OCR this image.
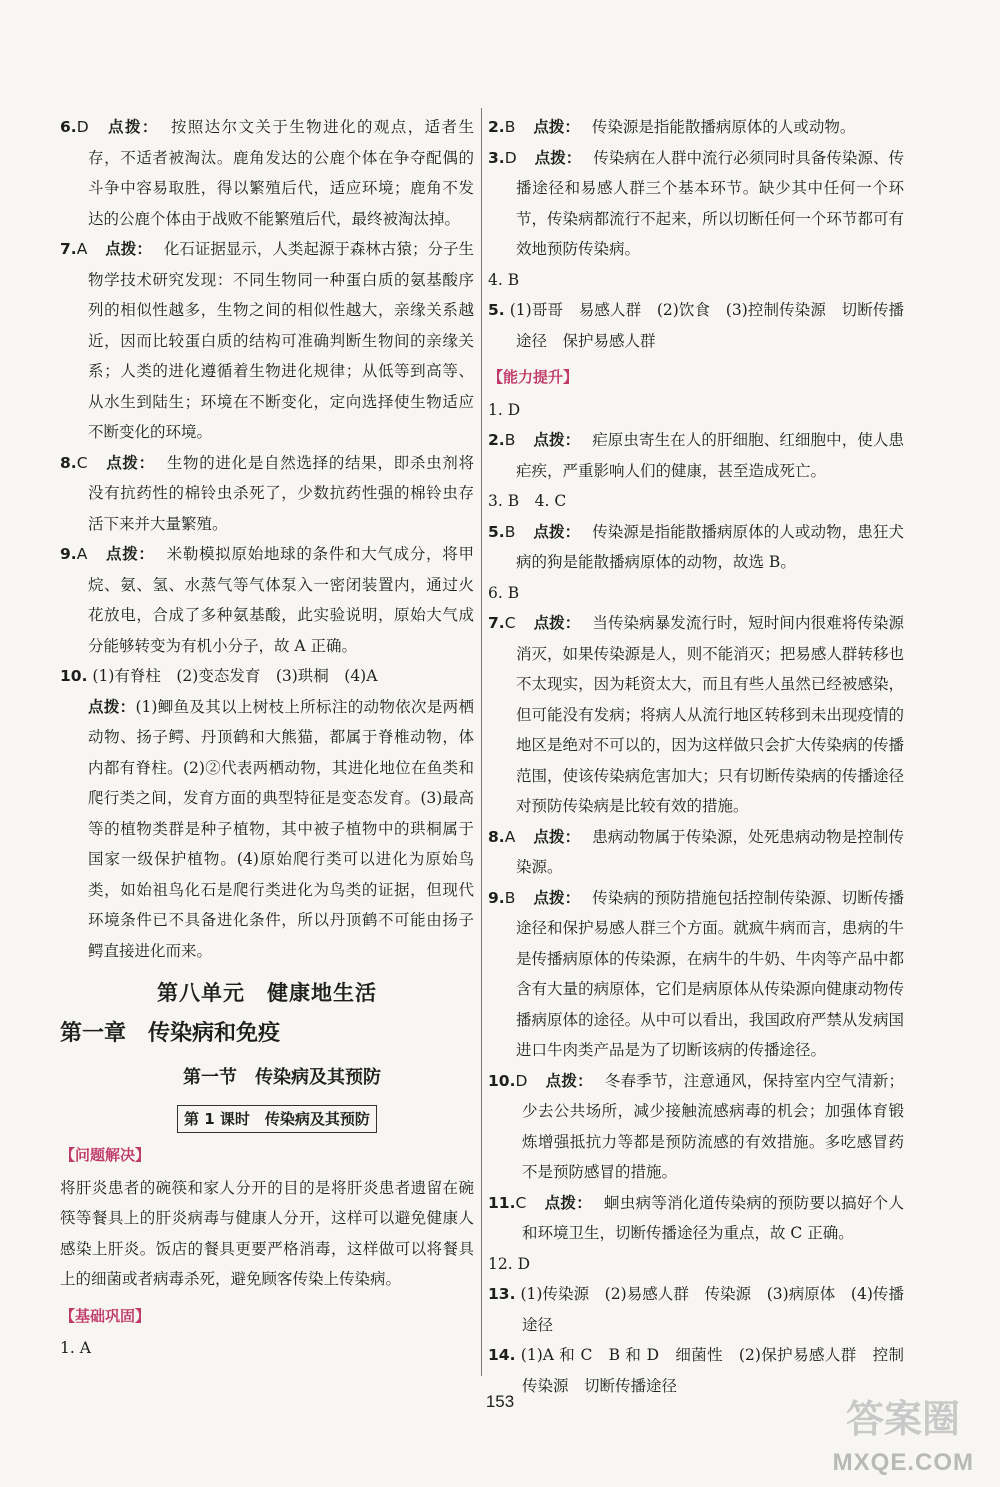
6.D 点拨： 按照达尔文关于生物进化的观点，适者生存，不适者被淘汰。鹿角发达的公鹿个体在争夺配偶的斗争中容易取胜，得以繁殖后代，适应环境；鹿角不发达的公鹿个体由于战败不能繁殖后代，最终被淘汰掉。

7.A 点拨： 化石证据显示，人类起源于森林古猿；分子生物学技术研究发现：不同生物同一种蛋白质的氨基酸序列的相似性越多，生物之间的相似性越大，亲缘关系越近，因而比较蛋白质的结构可准确判断生物间的亲缘关系；人类的进化遵循着生物进化规律；从低等到高等、从水生到陆生；环境在不断变化，定向选择使生物适应不断变化的环境。

8.C 点拨： 生物的进化是自然选择的结果，即杀虫剂将没有抗药性的棉铃虫杀死了，少数抗药性强的棉铃虫存活下来并大量繁殖。

9.A 点拨： 米勒模拟原始地球的条件和大气成分，将甲烷、氨、氢、水蒸气等气体泵入一密闭装置内，通过火花放电，合成了多种氨基酸，此实验说明，原始大气成分能够转变为有机小分子，故 A 正确。

10. (1)有脊柱　(2)变态发育　(3)珙桐　(4)A

点拨：(1)鲫鱼及其以上树枝上所标注的动物依次是两栖动物、扬子鳄、丹顶鹤和大熊猫，都属于脊椎动物，体内都有脊柱。(2)②代表两栖动物，其进化地位在鱼类和爬行类之间，发育方面的典型特征是变态发育。(3)最高等的植物类群是种子植物，其中被子植物中的珙桐属于国家一级保护植物。(4)原始爬行类可以进化为原始鸟类，如始祖鸟化石是爬行类进化为鸟类的证据，但现代环境条件已不具备进化条件，所以丹顶鹤不可能由扬子鳄直接进化而来。

第八单元　健康地生活
第一章　传染病和免疫
第一节　传染病及其预防
第 1 课时　传染病及其预防
【问题解决】

将肝炎患者的碗筷和家人分开的目的是将肝炎患者遗留在碗筷等餐具上的肝炎病毒与健康人分开，这样可以避免健康人感染上肝炎。饭店的餐具更要严格消毒，这样做可以将餐具上的细菌或者病毒杀死，避免顾客传染上传染病。

【基础巩固】

1. A

2.B 点拨： 传染源是指能散播病原体的人或动物。

3.D 点拨： 传染病在人群中流行必须同时具备传染源、传播途径和易感人群三个基本环节。缺少其中任何一个环节，传染病都流行不起来，所以切断任何一个环节都可有效地预防传染病。

4. B

5. (1)哥哥　易感人群　(2)饮食　(3)控制传染源　切断传播途径　保护易感人群

【能力提升】

1. D

2.B 点拨： 疟原虫寄生在人的肝细胞、红细胞中，使人患疟疾，严重影响人们的健康，甚至造成死亡。

3. B　4. C

5.B 点拨： 传染源是指能散播病原体的人或动物，患狂犬病的狗是能散播病原体的动物，故选 B。

6. B

7.C 点拨： 当传染病暴发流行时，短时间内很难将传染源消灭，如果传染源是人，则不能消灭；把易感人群转移也不太现实，因为耗资太大，而且有些人虽然已经被感染，但可能没有发病；将病人从流行地区转移到未出现疫情的地区是绝对不可以的，因为这样做只会扩大传染病的传播范围，使该传染病危害加大；只有切断传染病的传播途径对预防传染病是比较有效的措施。

8.A 点拨： 患病动物属于传染源，处死患病动物是控制传染源。

9.B 点拨： 传染病的预防措施包括控制传染源、切断传播途径和保护易感人群三个方面。就疯牛病而言，患病的牛是传播病原体的传染源，在病牛的牛奶、牛肉等产品中都含有大量的病原体，它们是病原体从传染源向健康动物传播病原体的途径。从中可以看出，我国政府严禁从发病国进口牛肉类产品是为了切断该病的传播途径。

10.D 点拨： 冬春季节，注意通风，保持室内空气清新；少去公共场所，减少接触流感病毒的机会；加强体育锻炼增强抵抗力等都是预防流感的有效措施。多吃感冒药不是预防感冒的措施。

11.C 点拨： 蛔虫病等消化道传染病的预防要以搞好个人和环境卫生，切断传播途径为重点，故 C 正确。

12. D

13. (1)传染源　(2)易感人群　传染源　(3)病原体　(4)传播途径

14. (1)A 和 C　B 和 D　细菌性　(2)保护易感人群　控制传染源　切断传播途径

153	答案圈
MXQE.COM
